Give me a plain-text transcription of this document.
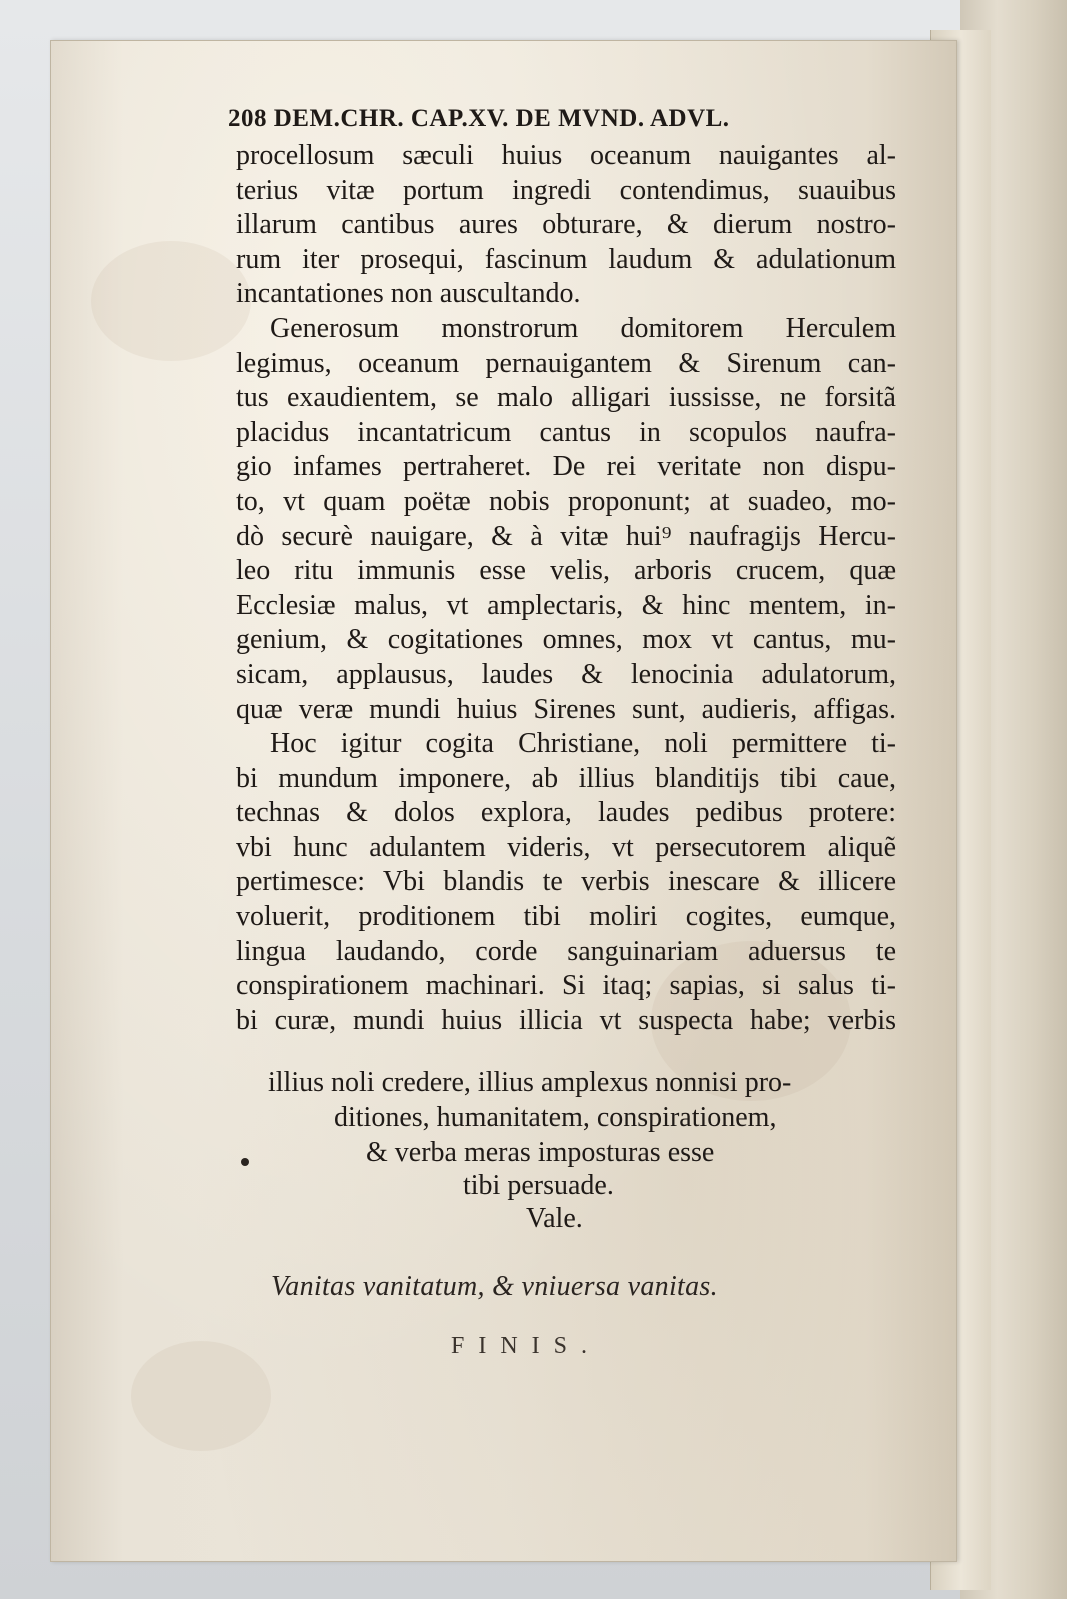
208 DEM.CHR. CAP.XV. DE MVND. ADVL.
procellosum sæculi huius oceanum nauigantes al-
terius vitæ portum ingredi contendimus, suauibus
illarum cantibus aures obturare, & dierum nostro-
rum iter prosequi, fascinum laudum & adulationum
incantationes non auscultando.
Generosum monstrorum domitorem Herculem
legimus, oceanum pernauigantem & Sirenum can-
tus exaudientem, se malo alligari iussisse, ne forsitã
placidus incantatricum cantus in scopulos naufra-
gio infames pertraheret. De rei veritate non dispu-
to, vt quam poëtæ nobis proponunt; at suadeo, mo-
dò securè nauigare, & à vitæ hui⁹ naufragijs Hercu-
leo ritu immunis esse velis, arboris crucem, quæ
Ecclesiæ malus, vt amplectaris, & hinc mentem, in-
genium, & cogitationes omnes, mox vt cantus, mu-
sicam, applausus, laudes & lenocinia adulatorum,
quæ veræ mundi huius Sirenes sunt, audieris, affigas.
Hoc igitur cogita Christiane, noli permittere ti-
bi mundum imponere, ab illius blanditijs tibi caue,
technas & dolos explora, laudes pedibus protere:
vbi hunc adulantem videris, vt persecutorem aliquẽ
pertimesce: Vbi blandis te verbis inescare & illicere
voluerit, proditionem tibi moliri cogites, eumque,
lingua laudando, corde sanguinariam aduersus te
conspirationem machinari. Si itaq; sapias, si salus ti-
bi curæ, mundi huius illicia vt suspecta habe; verbis
illius noli credere, illius amplexus nonnisi pro-
ditiones, humanitatem, conspirationem,
& verba meras imposturas esse
tibi persuade.
Vale.
Vanitas vanitatum, & vniuersa vanitas.
FINIS.
